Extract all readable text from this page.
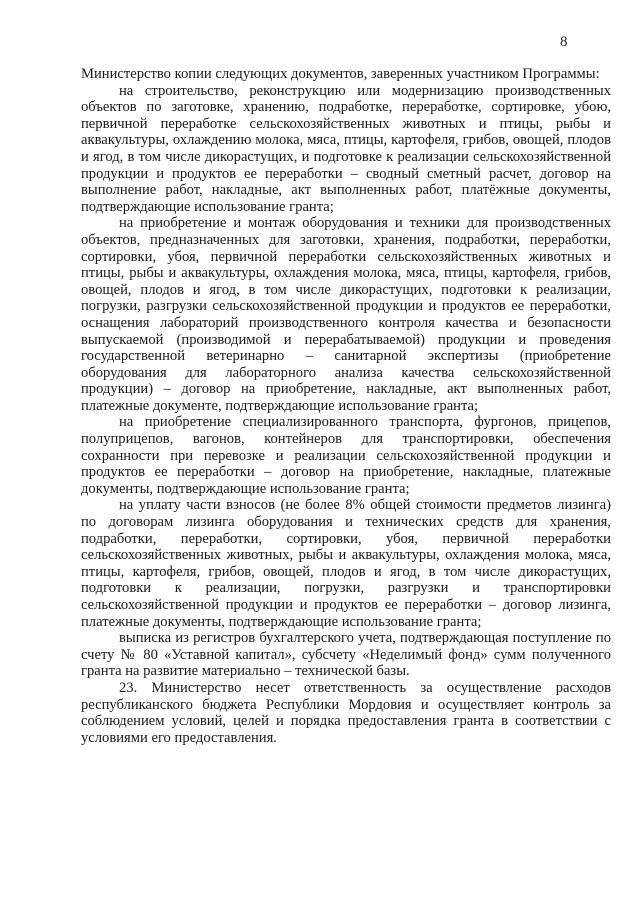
8

Министерство копии следующих документов, заверенных участником Программы:

на строительство, реконструкцию или модернизацию производственных объектов по заготовке, хранению, подработке, переработке, сортировке, убою, первичной переработке сельскохозяйственных животных и птицы, рыбы и аквакультуры, охлаждению молока, мяса, птицы, картофеля, грибов, овощей, плодов и ягод, в том числе дикорастущих, и подготовке к реализации сельскохозяйственной продукции и продуктов ее переработки – сводный сметный расчет, договор на выполнение работ, накладные, акт выполненных работ, платёжные документы, подтверждающие использование гранта;

на приобретение и монтаж оборудования и техники для производственных объектов, предназначенных для заготовки, хранения, подработки, переработки, сортировки, убоя, первичной переработки сельскохозяйственных животных и птицы, рыбы и аквакультуры, охлаждения молока, мяса, птицы, картофеля, грибов, овощей, плодов и ягод, в том числе дикорастущих, подготовки к реализации, погрузки, разгрузки сельскохозяйственной продукции и продуктов ее переработки, оснащения лабораторий производственного контроля качества и безопасности выпускаемой (производимой и перерабатываемой) продукции и проведения государственной ветеринарно – санитарной экспертизы (приобретение оборудования для лабораторного анализа качества сельскохозяйственной продукции) – договор на приобретение, накладные, акт выполненных работ, платежные документе, подтверждающие использование гранта;

на приобретение специализированного транспорта, фургонов, прицепов, полуприцепов, вагонов, контейнеров для транспортировки, обеспечения сохранности при перевозке и реализации сельскохозяйственной продукции и продуктов ее переработки – договор на приобретение, накладные, платежные документы, подтверждающие использование гранта;

на уплату части взносов (не более 8% общей стоимости предметов лизинга) по договорам лизинга оборудования и технических средств для хранения, подработки, переработки, сортировки, убоя, первичной переработки сельскохозяйственных животных, рыбы и аквакультуры, охлаждения молока, мяса, птицы, картофеля, грибов, овощей, плодов и ягод, в том числе дикорастущих, подготовки к реализации, погрузки, разгрузки и транспортировки сельскохозяйственной продукции и продуктов ее переработки – договор лизинга, платежные документы, подтверждающие использование гранта;

выписка из регистров бухгалтерского учета, подтверждающая поступление по счету № 80 «Уставной капитал», субсчету «Неделимый фонд» сумм полученного гранта на развитие материально – технической базы.

23. Министерство несет ответственность за осуществление расходов республиканского бюджета Республики Мордовия и осуществляет контроль за соблюдением условий, целей и порядка предоставления гранта в соответствии с условиями его предоставления.
